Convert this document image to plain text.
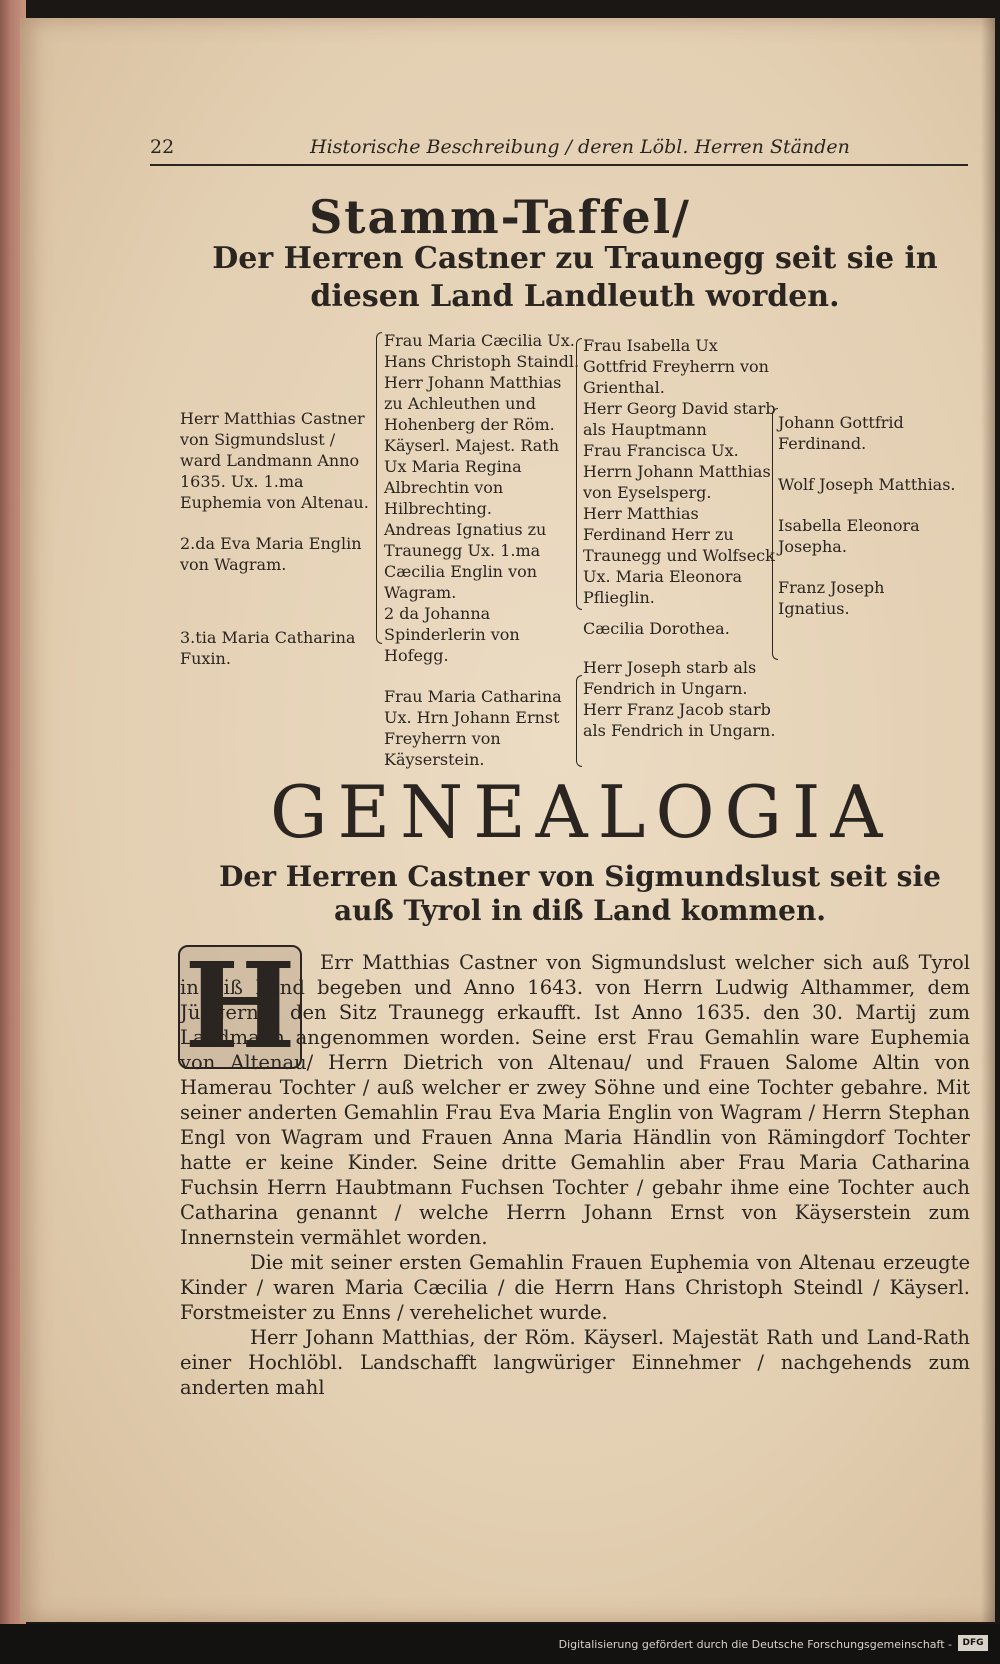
22	Historische Beschreibung / deren Löbl. Herren Ständen
Stamm-Taffel/
Der Herren Castner zu Traunegg seit sie in diesen Land Landleuth worden.

Herr Matthias Castner von Sigmundslust / ward Landmann Anno 1635. Ux. 1.ma Euphemia von Altenau.

2.da Eva Maria Englin von Wagram.

3.tia Maria Catharina Fuxin.

Frau Maria Cæcilia Ux. Hans Christoph Staindl.

Herr Johann Matthias zu Achleuthen und Hohenberg der Röm. Käyserl. Majest. Rath Ux Maria Regina Albrechtin von Hilbrechting.

Andreas Ignatius zu Traunegg Ux. 1.ma Cæcilia Englin von Wagram.

2 da Johanna Spinderlerin von Hofegg.

Frau Maria Catharina Ux. Hrn Johann Ernst Freyherrn von Käyserstein.

Frau Isabella Ux Gottfrid Freyherrn von Grienthal.

Herr Georg David starb als Hauptmann

Frau Francisca Ux. Herrn Johann Matthias von Eyselsperg.

Herr Matthias Ferdinand Herr zu Traunegg und Wolfseck Ux. Maria Eleonora Pflieglin.

Cæcilia Dorothea.

Herr Joseph starb als Fendrich in Ungarn.

Herr Franz Jacob starb als Fendrich in Ungarn.

Johann Gottfrid Ferdinand.

Wolf Joseph Matthias.

Isabella Eleonora Josepha.

Franz Joseph Ignatius.

GENEALOGIA
Der Herren Castner von Sigmundslust seit sie auß Tyrol in diß Land kommen.
H	Err Matthias Castner von Sigmundslust welcher sich auß Tyrol in diß Land begeben und Anno 1643. von Herrn Ludwig Althammer, dem Jüngern / den Sitz Traunegg erkaufft. Ist Anno 1635. den 30. Martij zum Landmann angenommen worden. Seine erst Frau Gemahlin ware Euphemia von Altenau/ Herrn Dietrich von Altenau/ und Frauen Salome Altin von Hamerau Tochter / auß welcher er zwey Söhne und eine Tochter gebahre. Mit seiner anderten Gemahlin Frau Eva Maria Englin von Wagram / Herrn Stephan Engl von Wagram und Frauen Anna Maria Händlin von Rämingdorf Tochter hatte er keine Kinder. Seine dritte Gemahlin aber Frau Maria Catharina Fuchsin Herrn Haubtmann Fuchsen Tochter / gebahr ihme eine Tochter auch Catharina genannt / welche Herrn Johann Ernst von Käyserstein zum Innernstein vermählet worden.

Die mit seiner ersten Gemahlin Frauen Euphemia von Altenau erzeugte Kinder / waren Maria Cæcilia / die Herrn Hans Christoph Steindl / Käyserl. Forstmeister zu Enns / verehelichet wurde.

Herr Johann Matthias, der Röm. Käyserl. Majestät Rath und Land-Rath einer Hochlöbl. Landschafft langwüriger Einnehmer / nachgehends zum anderten mahl

Digitalisierung gefördert durch die Deutsche Forschungsgemeinschaft -	DFG
